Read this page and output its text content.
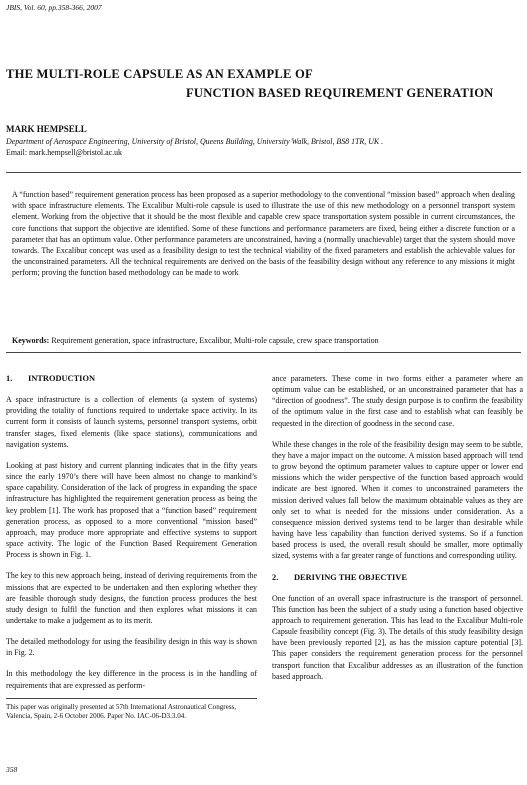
JBIS, Vol. 60, pp.358-366, 2007
THE MULTI-ROLE CAPSULE AS AN EXAMPLE OF
FUNCTION BASED REQUIREMENT GENERATION
MARK HEMPSELL
Department of Aerospace Engineering, University of Bristol, Queens Building, University Walk, Bristol, BS8 1TR, UK .
Email: mark.hempsell@bristol.ac.uk
A “function based” requirement generation process has been proposed as a superior methodology to the conventional “mission based” approach when dealing with space infrastructure elements. The Excalibur Multi-role capsule is used to illustrate the use of this new methodology on a personnel transport system element. Working from the objective that it should be the most flexible and capable crew space transportation system possible in current circumstances, the core functions that support the objective are identified. Some of these functions and performance parameters are fixed, being either a discrete function or a parameter that has an optimum value. Other performance parameters are unconstrained, having a (normally unachievable) target that the system should move towards. The Excalibur concept was used as a feasibility design to test the technical viability of the fixed parameters and establish the achievable values for the unconstrained parameters. All the technical requirements are derived on the basis of the feasibility design without any reference to any missions it might perform; proving the function based methodology can be made to work
Keywords: Requirement generation, space infrastructure, Excalibur, Multi-role capsule, crew space transportation
1. INTRODUCTION

A space infrastructure is a collection of elements (a system of systems) providing the totality of functions required to undertake space activity. In its current form it consists of launch systems, personnel transport systems, orbit transfer stages, fixed elements (like space stations), communications and navigation systems.

Looking at past history and current planning indicates that in the fifty years since the early 1970’s there will have been almost no change to mankind’s space capability. Consideration of the lack of progress in expanding the space infrastructure has highlighted the requirement generation process as being the key problem [1]. The work has proposed that a “function based” requirement generation process, as opposed to a more conventional “mission based” approach, may produce more appropriate and effective systems to support space activity. The logic of the Function Based Requirement Generation Process is shown in Fig. 1.

The key to this new approach being, instead of deriving requirements from the missions that are expected to be undertaken and then exploring whether they are feasible thorough study designs, the function process produces the best study design to fulfil the function and then explores what missions it can undertake to make a judgement as to its merit.

The detailed methodology for using the feasibility design in this way is shown in Fig. 2.

In this methodology the key difference in the process is in the handling of requirements that are expressed as perform-

This paper was originally presented at 57th International Astronautical Congress, Valencia, Spain, 2-6 October 2006. Paper No. IAC-06-D3.3.04.

ance parameters. These come in two forms either a parameter where an optimum value can be established, or an unconstrained parameter that has a “direction of goodness”. The study design purpose is to confirm the feasibility of the optimum value in the first case and to establish what can feasibly be requested in the direction of goodness in the second case.

While these changes in the role of the feasibility design may seem to be subtle, they have a major impact on the outcome. A mission based approach will tend to grow beyond the optimum parameter values to capture upper or lower end missions which the wider perspective of the function based approach would indicate are best ignored. When it comes to unconstrained parameters the mission derived values fall below the maximum obtainable values as they are only set to what is needed for the missions under consideration. As a consequence mission derived systems tend to be larger than desirable while having have less capability than function derived systems. So if a function based process is used, the overall result should be smaller, more optimally sized, systems with a far greater range of functions and corresponding utility.

2. DERIVING THE OBJECTIVE

One function of an overall space infrastructure is the transport of personnel. This function has been the subject of a study using a function based objective approach to requirement generation. This has lead to the Excalibur Multi-role Capsule feasibility concept (Fig. 3). The details of this study feasibility design have been previously reported [2], as has the mission capture potential [3]. This paper considers the requirement generation process for the personnel transport function that Excalibur addresses as an illustration of the function based approach.

358
